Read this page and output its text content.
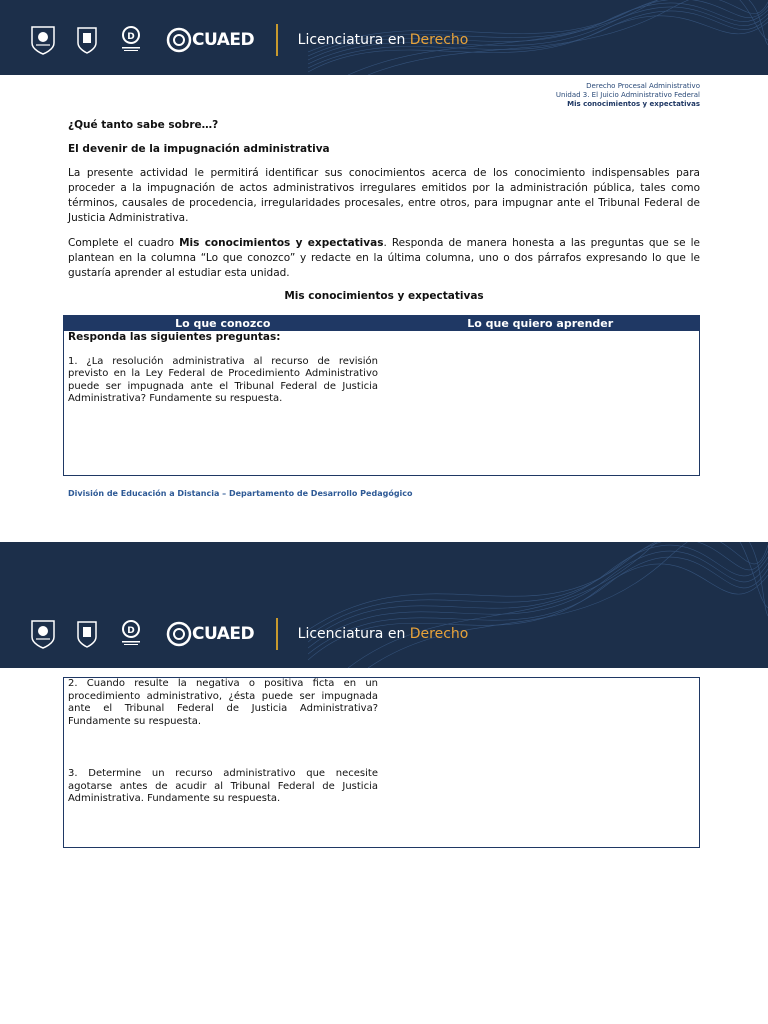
D	CUAED	Licenciatura en Derecho
Derecho Procesal Administrativo
Unidad 3. El Juicio Administrativo Federal
Mis conocimientos y expectativas
¿Qué tanto sabe sobre…?
El devenir de la impugnación administrativa
La presente actividad le permitirá identificar sus conocimientos acerca de los conocimiento indispensables para proceder a la impugnación de actos administrativos irregulares emitidos por la administración pública, tales como términos, causales de procedencia, irregularidades procesales, entre otros, para impugnar ante el Tribunal Federal de Justicia Administrativa.
Complete el cuadro Mis conocimientos y expectativas. Responda de manera honesta a las preguntas que se le plantean en la columna “Lo que conozco” y redacte en la última columna, uno o dos párrafos expresando lo que le gustaría aprender al estudiar esta unidad.
Mis conocimientos y expectativas
Lo que conozco	Lo que quiero aprender
Responda las siguientes preguntas:
1. ¿La resolución administrativa al recurso de revisión previsto en la Ley Federal de Procedimiento Administrativo puede ser impugnada ante el Tribunal Federal de Justicia Administrativa? Fundamente su respuesta.
División de Educación a Distancia – Departamento de Desarrollo Pedagógico
D	CUAED	Licenciatura en Derecho
2. Cuando resulte la negativa o positiva ficta en un procedimiento administrativo, ¿ésta puede ser impugnada ante el Tribunal Federal de Justicia Administrativa? Fundamente su respuesta.
3. Determine un recurso administrativo que necesite agotarse antes de acudir al Tribunal Federal de Justicia Administrativa. Fundamente su respuesta.
